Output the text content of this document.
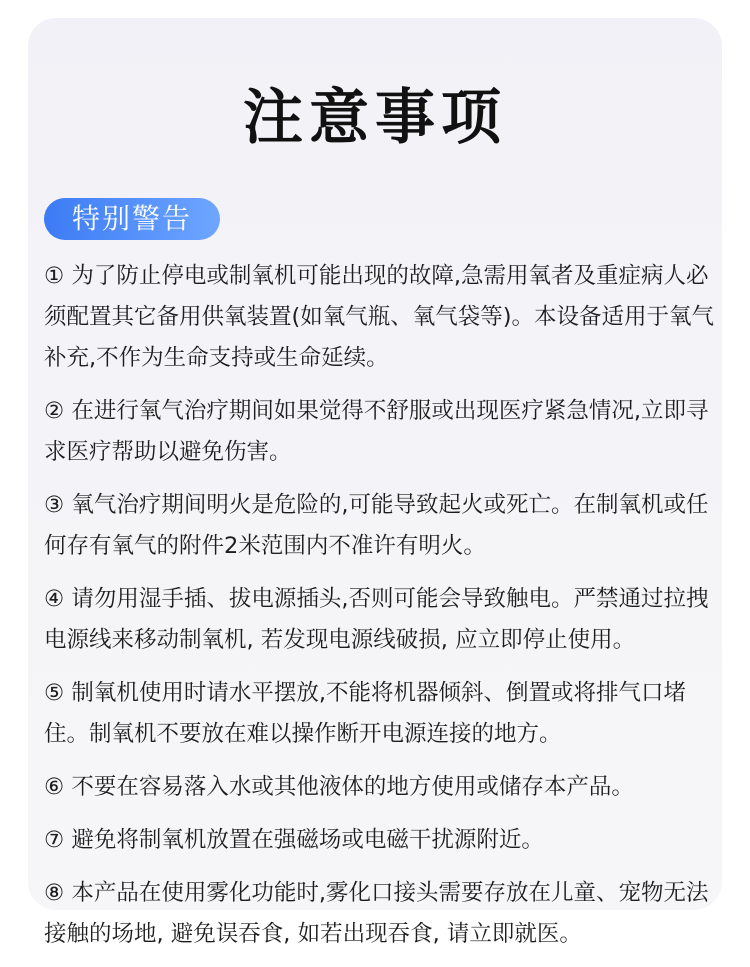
注意事项
特别警告
① 为了防止停电或制氧机可能出现的故障,急需用氧者及重症病人必须配置其它备用供氧装置(如氧气瓶、氧气袋等)。本设备适用于氧气补充,不作为生命支持或生命延续。
② 在进行氧气治疗期间如果觉得不舒服或出现医疗紧急情况,立即寻求医疗帮助以避免伤害。
③ 氧气治疗期间明火是危险的,可能导致起火或死亡。在制氧机或任何存有氧气的附件2米范围内不准许有明火。
④ 请勿用湿手插、拔电源插头,否则可能会导致触电。严禁通过拉拽电源线来移动制氧机, 若发现电源线破损, 应立即停止使用。
⑤ 制氧机使用时请水平摆放,不能将机器倾斜、倒置或将排气口堵住。制氧机不要放在难以操作断开电源连接的地方。
⑥ 不要在容易落入水或其他液体的地方使用或储存本产品。
⑦ 避免将制氧机放置在强磁场或电磁干扰源附近。
⑧ 本产品在使用雾化功能时,雾化口接头需要存放在儿童、宠物无法接触的场地, 避免误吞食, 如若出现吞食, 请立即就医。
